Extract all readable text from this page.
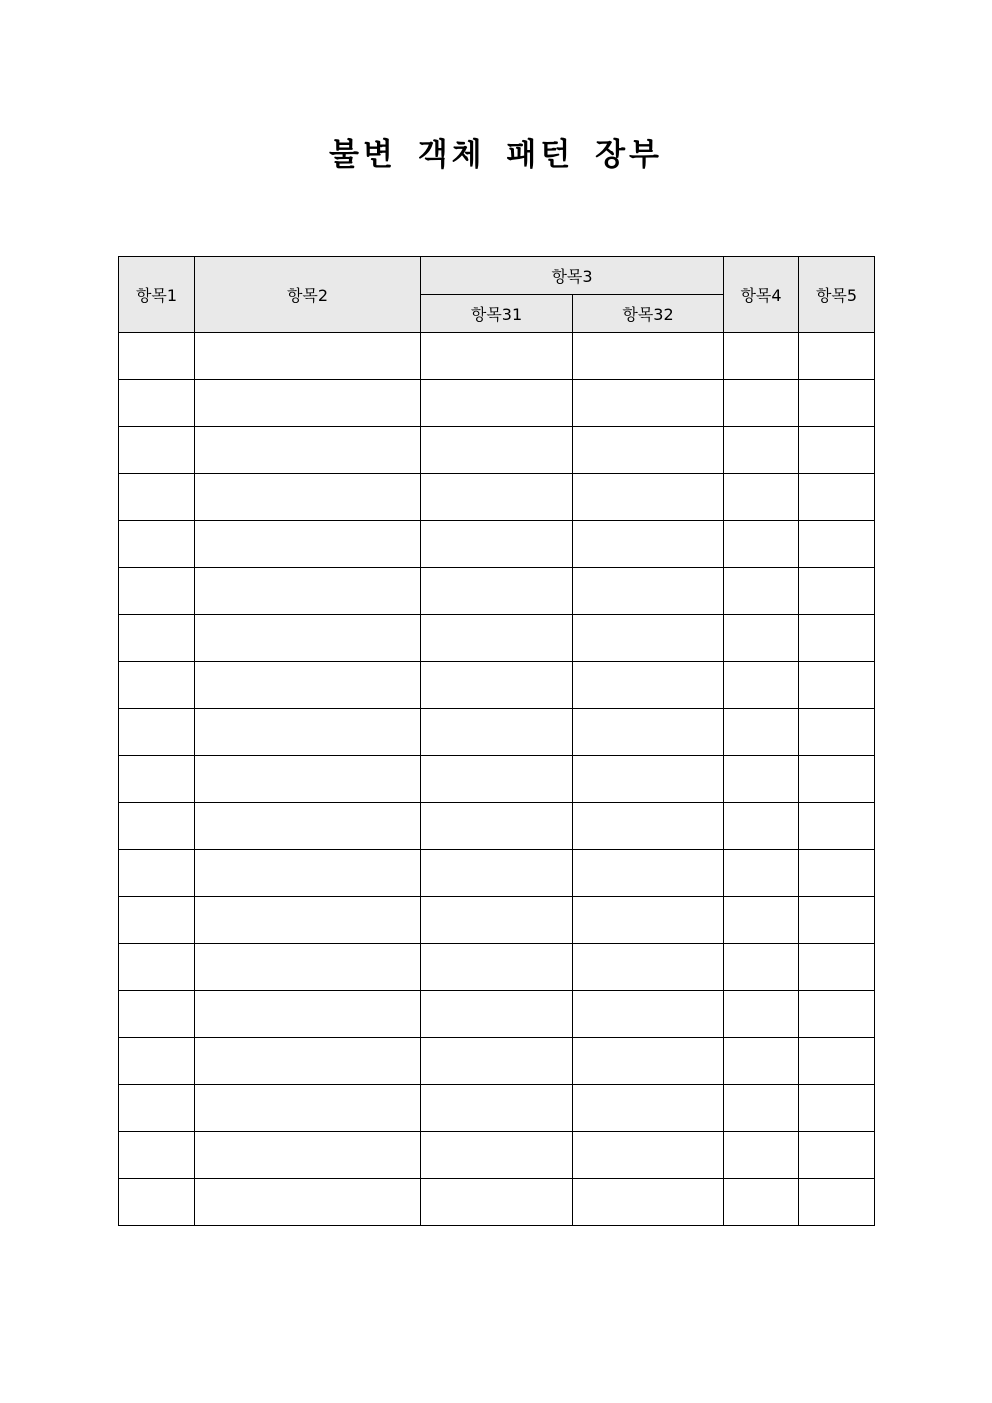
불변 객체 패턴 장부
항목1	항목2	항목3		항목4	항목5
		항목31	항목32		
